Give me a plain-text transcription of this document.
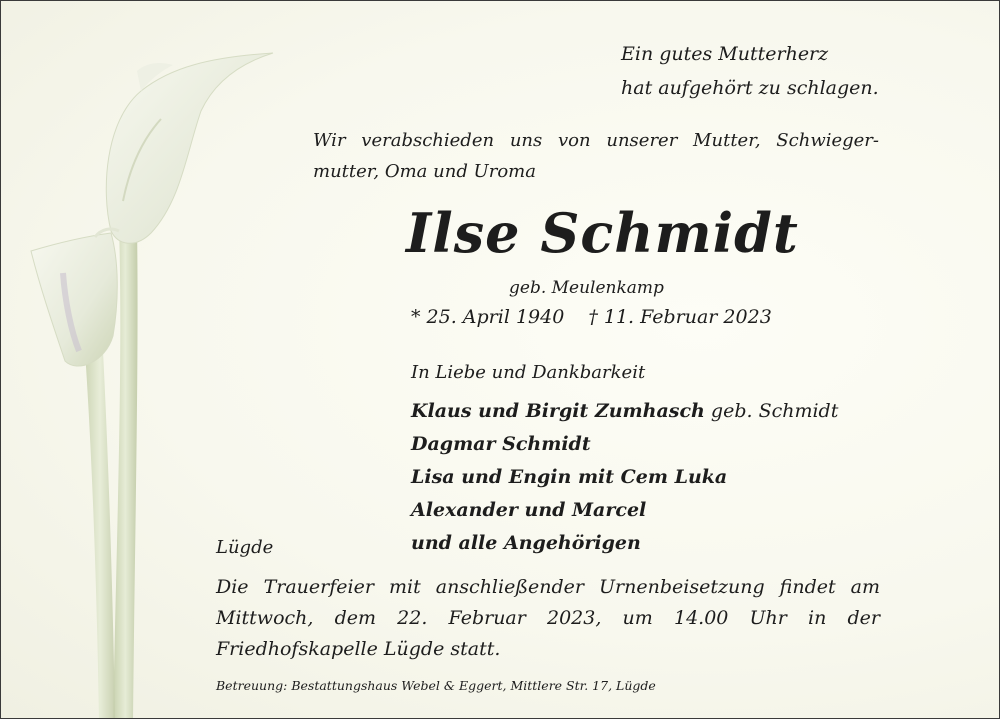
Ein gutes Mutterherz
hat aufgehört zu schlagen.
Wir verabschieden uns von unserer Mutter, Schwieger-
mutter, Oma und Uroma
Ilse Schmidt
geb. Meulenkamp
* 25. April 1940 † 11. Februar 2023
In Liebe und Dankbarkeit
Klaus und Birgit Zumhasch geb. Schmidt
Dagmar Schmidt
Lisa und Engin mit Cem Luka
Alexander und Marcel
und alle Angehörigen
Lügde
Die Trauerfeier mit anschließender Urnenbeisetzung findet am
Mittwoch, dem 22. Februar 2023, um 14.00 Uhr in der
Friedhofskapelle Lügde statt.
Betreuung: Bestattungshaus Webel & Eggert, Mittlere Str. 17, Lügde
